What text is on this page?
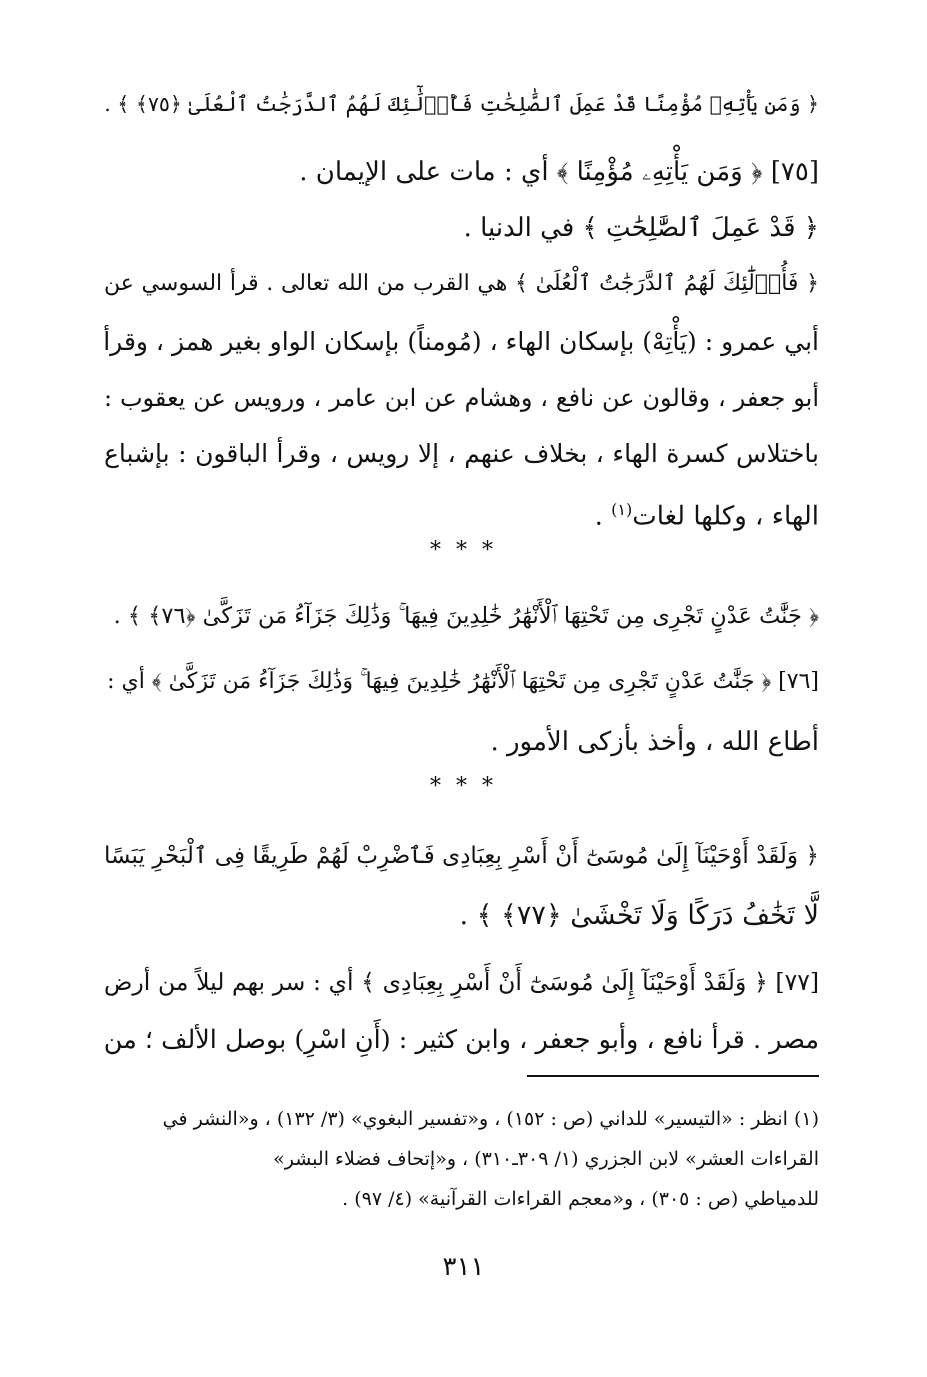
﴿ وَمَن يَأْتِهِۦ مُؤْمِنًا قَدْ عَمِلَ ٱلصَّٰلِحَٰتِ فَأُو۟لَٰٓئِكَ لَهُمُ ٱلدَّرَجَٰتُ ٱلْعُلَىٰ ﴿٧٥﴾ ﴾ .
[٧٥] ﴿ وَمَن يَأْتِهِۦ مُؤْمِنًا ﴾ أي : مات على الإيمان .
﴿ قَدْ عَمِلَ ٱلصَّٰلِحَٰتِ ﴾ في الدنيا .
﴿ فَأُو۟لَٰٓئِكَ لَهُمُ ٱلدَّرَجَٰتُ ٱلْعُلَىٰ ﴾ هي القرب من الله تعالى . قرأ السوسي عن
أبي عمرو : (يَأْتِهْ) بإسكان الهاء ، (مُومناً) بإسكان الواو بغير همز ، وقرأ
أبو جعفر ، وقالون عن نافع ، وهشام عن ابن عامر ، ورويس عن يعقوب :
باختلاس كسرة الهاء ، بخلاف عنهم ، إلا رويس ، وقرأ الباقون : بإشباع
الهاء ، وكلها لغات$^{(١)}$ .
* * *
﴿ جَنَّٰتُ عَدْنٍ تَجْرِى مِن تَحْتِهَا ٱلْأَنْهَٰرُ خَٰلِدِينَ فِيهَا ۚ وَذَٰلِكَ جَزَآءُ مَن تَزَكَّىٰ ﴿٧٦﴾ ﴾ .
[٧٦] ﴿ جَنَّٰتُ عَدْنٍ تَجْرِى مِن تَحْتِهَا ٱلْأَنْهَٰرُ خَٰلِدِينَ فِيهَا ۚ وَذَٰلِكَ جَزَآءُ مَن تَزَكَّىٰ ﴾ أي :
أطاع الله ، وأخذ بأزكى الأمور .
* * *
﴿ وَلَقَدْ أَوْحَيْنَآ إِلَىٰ مُوسَىٰٓ أَنْ أَسْرِ بِعِبَادِى فَٱضْرِبْ لَهُمْ طَرِيقًا فِى ٱلْبَحْرِ يَبَسًا
لَّا تَخَٰفُ دَرَكًا وَلَا تَخْشَىٰ ﴿٧٧﴾ ﴾ .
[٧٧] ﴿ وَلَقَدْ أَوْحَيْنَآ إِلَىٰ مُوسَىٰٓ أَنْ أَسْرِ بِعِبَادِى ﴾ أي : سر بهم ليلاً من أرض
مصر . قرأ نافع ، وأبو جعفر ، وابن كثير : (أَنِ اسْرِ) بوصل الألف ؛ من
(١) انظر : «التيسير» للداني (ص : ١٥٢) ، و«تفسير البغوي» (٣/ ١٣٢) ، و«النشر في
القراءات العشر» لابن الجزري (١/ ٣٠٩ـ٣١٠) ، و«إتحاف فضلاء البشر»
للدمياطي (ص : ٣٠٥) ، و«معجم القراءات القرآنية» (٤/ ٩٧) .
٣١١
